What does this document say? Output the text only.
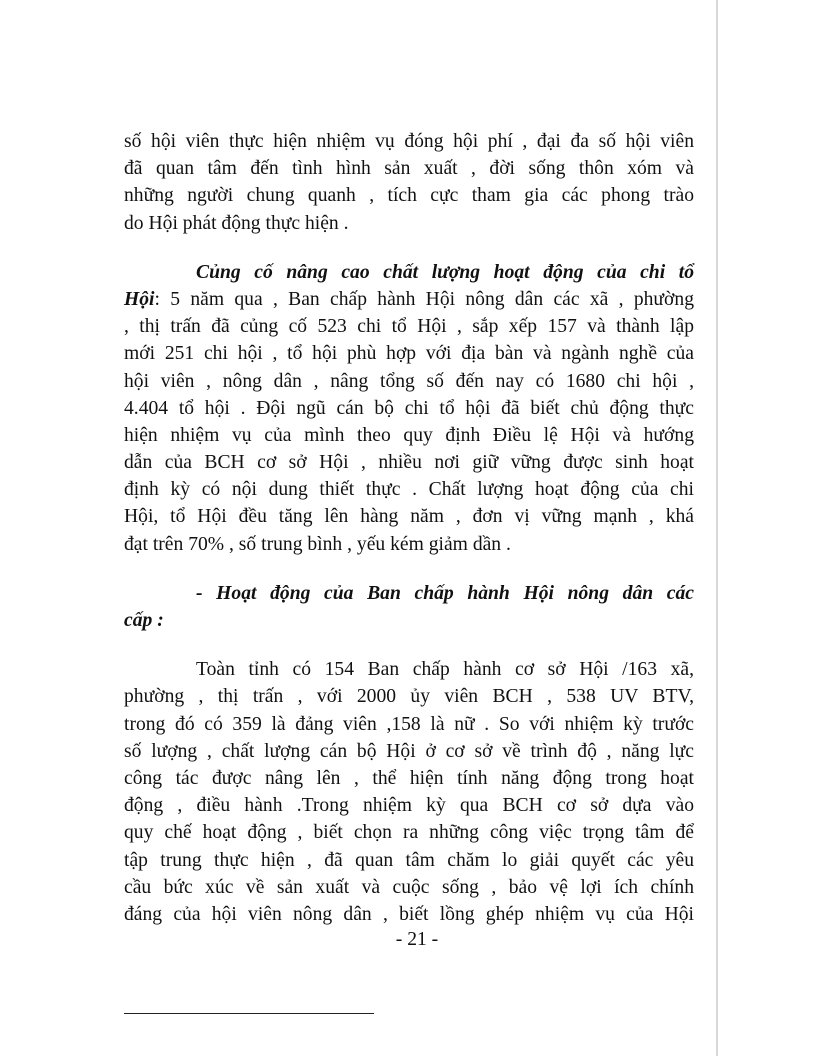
số hội viên thực hiện nhiệm vụ đóng hội phí , đại đa số hội viên
đã quan tâm đến tình hình sản xuất , đời sống thôn xóm và
những người chung quanh , tích cực tham gia các phong trào
do Hội phát động thực hiện .
Củng cố nâng cao chất lượng hoạt động của chi tổ
Hội: 5 năm qua , Ban chấp hành Hội nông dân các xã , phường
, thị trấn đã củng cố 523 chi tổ Hội , sắp xếp 157 và thành lập
mới 251 chi hội , tổ hội phù hợp với địa bàn và ngành nghề của
hội viên , nông dân , nâng tổng số đến nay có 1680 chi hội ,
4.404 tổ hội . Đội ngũ cán bộ chi tổ hội đã biết chủ động thực
hiện nhiệm vụ của mình theo quy định Điều lệ Hội và hướng
dẫn của BCH cơ sở Hội , nhiều nơi giữ vững được sinh hoạt
định kỳ có nội dung thiết thực . Chất lượng hoạt động của chi
Hội, tổ Hội đều tăng lên hàng năm , đơn vị vững mạnh , khá
đạt trên 70% , số trung bình , yếu kém giảm dần .
- Hoạt động của Ban chấp hành Hội nông dân các
cấp :
Toàn tỉnh có 154 Ban chấp hành cơ sở Hội /163 xã,
phường , thị trấn , với 2000 ủy viên BCH , 538 UV BTV,
trong đó có 359 là đảng viên ,158 là nữ . So với nhiệm kỳ trước
số lượng , chất lượng cán bộ Hội ở cơ sở về trình độ , năng lực
công tác được nâng lên , thể hiện tính năng động trong hoạt
động , điều hành .Trong nhiệm kỳ qua BCH cơ sở dựa vào
quy chế hoạt động , biết chọn ra những công việc trọng tâm để
tập trung thực hiện , đã quan tâm chăm lo giải quyết các yêu
cầu bức xúc về sản xuất và cuộc sống , bảo vệ lợi ích chính
đáng của hội viên nông dân , biết lồng ghép nhiệm vụ của Hội
- 21 -
